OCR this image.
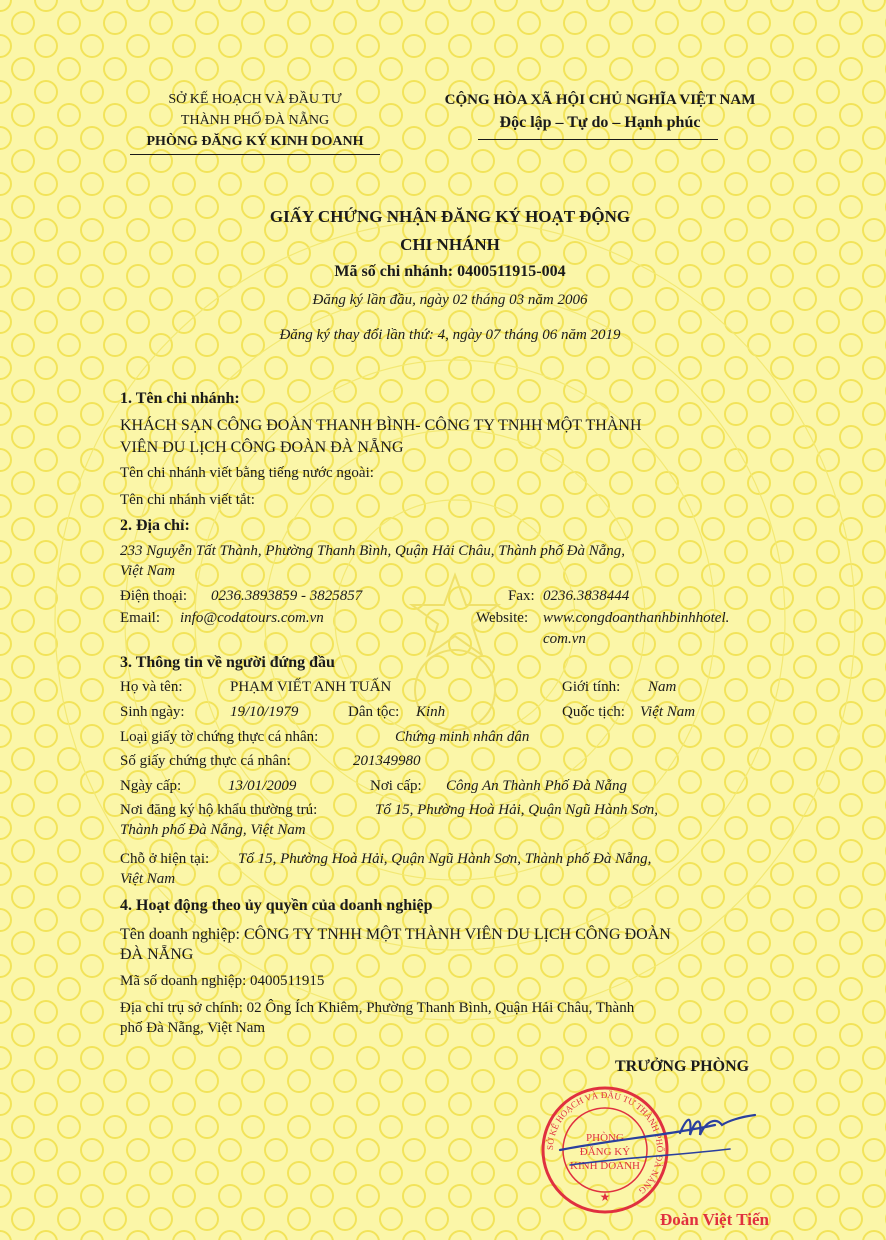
SỞ KẾ HOẠCH VÀ ĐẦU TƯ
THÀNH PHỐ ĐÀ NẴNG
PHÒNG ĐĂNG KÝ KINH DOANH
CỘNG HÒA XÃ HỘI CHỦ NGHĨA VIỆT NAM
Độc lập – Tự do – Hạnh phúc
GIẤY CHỨNG NHẬN ĐĂNG KÝ HOẠT ĐỘNG
CHI NHÁNH
Mã số chi nhánh: 0400511915-004
Đăng ký lần đầu, ngày 02 tháng 03 năm 2006
Đăng ký thay đổi lần thứ: 4, ngày 07 tháng 06 năm 2019
1. Tên chi nhánh:
KHÁCH SẠN CÔNG ĐOÀN THANH BÌNH- CÔNG TY TNHH MỘT THÀNH
VIÊN DU LỊCH CÔNG ĐOÀN ĐÀ NẴNG
Tên chi nhánh viết bằng tiếng nước ngoài:
Tên chi nhánh viết tắt:
2. Địa chỉ:
233 Nguyễn Tất Thành, Phường Thanh Bình, Quận Hải Châu, Thành phố Đà Nẵng,
Việt Nam
Điện thoại: 0236.3893859 - 3825857	Fax: 0236.3838444
Email: info@codatours.com.vn	Website: www.congdoanthanhbinhhotel.
com.vn
3. Thông tin về người đứng đầu
Họ và tên:	PHẠM VIẾT ANH TUẤN	Giới tính: Nam
Sinh ngày:	19/10/1979	Dân tộc: Kinh	Quốc tịch: Việt Nam
Loại giấy tờ chứng thực cá nhân:	Chứng minh nhân dân
Số giấy chứng thực cá nhân:	201349980
Ngày cấp:	13/01/2009	Nơi cấp: Công An Thành Phố Đà Nẵng
Nơi đăng ký hộ khẩu thường trú:	Tổ 15, Phường Hoà Hải, Quận Ngũ Hành Sơn,
Thành phố Đà Nẵng, Việt Nam
Chỗ ở hiện tại: Tổ 15, Phường Hoà Hải, Quận Ngũ Hành Sơn, Thành phố Đà Nẵng,
Việt Nam
4. Hoạt động theo ủy quyền của doanh nghiệp
Tên doanh nghiệp: CÔNG TY TNHH MỘT THÀNH VIÊN DU LỊCH CÔNG ĐOÀN
ĐÀ NẴNG
Mã số doanh nghiệp: 0400511915
Địa chỉ trụ sở chính: 02 Ông Ích Khiêm, Phường Thanh Bình, Quận Hải Châu, Thành
phố Đà Nẵng, Việt Nam
TRƯỞNG PHÒNG
SỞ KẾ HOẠCH VÀ ĐẦU TƯ THÀNH PHỐ ĐÀ NẴNG
PHÒNG
ĐĂNG KÝ
KINH DOANH
★
Đoàn Việt Tiến
